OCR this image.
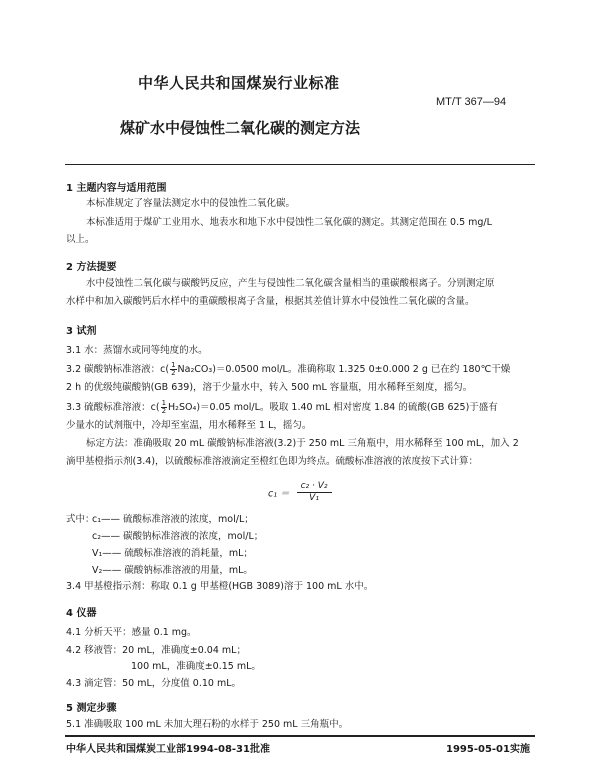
中华人民共和国煤炭行业标准
MT/T 367—94
煤矿水中侵蚀性二氧化碳的测定方法
1 主题内容与适用范围
本标准规定了容量法测定水中的侵蚀性二氧化碳。
本标准适用于煤矿工业用水、地表水和地下水中侵蚀性二氧化碳的测定。其测定范围在 0.5 mg/L
以上。
2 方法提要
水中侵蚀性二氧化碳与碳酸钙反应，产生与侵蚀性二氧化碳含量相当的重碳酸根离子。分别测定原
水样中和加入碳酸钙后水样中的重碳酸根离子含量，根据其差值计算水中侵蚀性二氧化碳的含量。
3 试剂
3.1 水：蒸馏水或同等纯度的水。
3.2 碳酸钠标准溶液：$c( \frac{1}{2} Na_2CO_3)=0.0500$ mol/L。准确称取 1.325 0±0.000 2 g 已在约 180℃干燥
2 h 的优级纯碳酸钠(GB 639)，溶于少量水中，转入 500 mL 容量瓶，用水稀释至刻度，摇匀。
3.3 硫酸标准溶液：$c( \frac{1}{2} H_2SO_4)=0.05$ mol/L。吸取 1.40 mL 相对密度 1.84 的硫酸(GB 625)于盛有
少量水的试剂瓶中，冷却至室温，用水稀释至 1 L，摇匀。
标定方法：准确吸取 20 mL 碳酸钠标准溶液(3.2)于 250 mL 三角瓶中，用水稀释至 100 mL，加入 2
滴甲基橙指示剂(3.4)，以硫酸标准溶液滴定至橙红色即为终点。硫酸标准溶液的浓度按下式计算：
$c_1 = \frac{\text{c₂ · V₂}}{\text{V₁}}$
式中：
c₁—— 硫酸标准溶液的浓度，mol/L；
c₂—— 碳酸钠标准溶液的浓度，mol/L；
V₁—— 硫酸标准溶液的消耗量，mL；
V₂—— 碳酸钠标准溶液的用量，mL。
3.4 甲基橙指示剂：称取 0.1 g 甲基橙(HGB 3089)溶于 100 mL 水中。
4 仪器
4.1 分析天平：感量 0.1 mg。
4.2 移液管：20 mL，准确度±0.04 mL；
100 mL，准确度±0.15 mL。
4.3 滴定管：50 mL，分度值 0.10 mL。
5 测定步骤
5.1 准确吸取 100 mL 未加大理石粉的水样于 250 mL 三角瓶中。
中华人民共和国煤炭工业部1994-08-31批准	1995-05-01实施
